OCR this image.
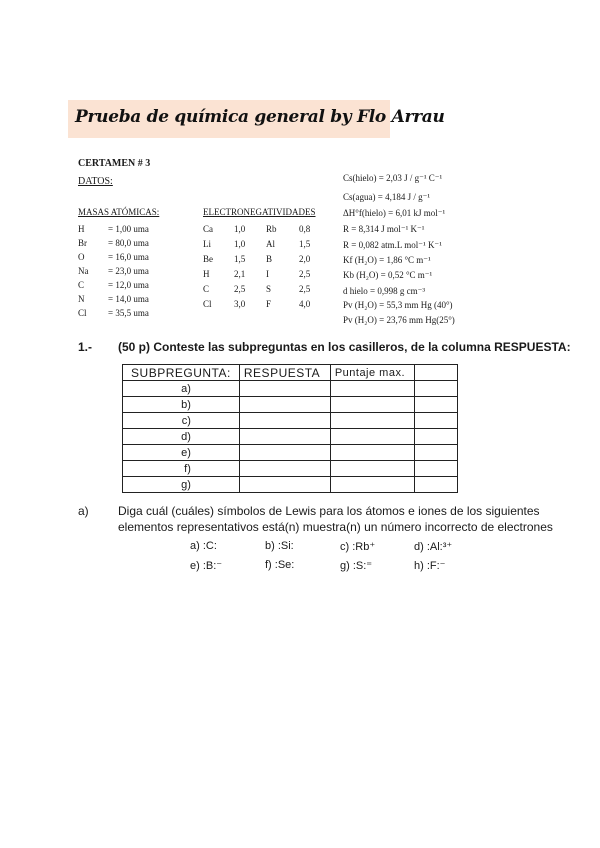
Prueba de química general by Flo Arrau
CERTAMEN # 3
DATOS:
MASAS ATÓMICAS:
H	= 1,00 uma
Br = 80,0 uma
O	= 16,0 uma
Na = 23,0 uma
C	= 12,0 uma
N	= 14,0 uma
Cl = 35,5 uma
ELECTRONEGATIVIDADES
Ca 1,0 Rb 0,8
Li	1,0 Al	1,5
Be 1,5 B	2,0
H	2,1 I	2,5
C	2,5 S	2,5
Cl 3,0 F	4,0
Cs(hielo) = 2,03 J / g⁻¹ C⁻¹
Cs(agua) = 4,184 J / g⁻¹
ΔH°f(hielo) = 6,01 kJ mol⁻¹
R = 8,314 J mol⁻¹ K⁻¹
R = 0,082 atm.L mol⁻¹ K⁻¹
Kf (H₂O) = 1,86 °C m⁻¹
Kb (H₂O) = 0,52 °C m⁻¹
d hielo = 0,998 g cm⁻³
Pv (H₂O) = 55,3 mm Hg (40°)
Pv (H₂O) = 23,76 mm Hg(25°)
1.- (50 p) Conteste las subpreguntas en los casilleros, de la columna RESPUESTA:
SUBPREGUNTA:	RESPUESTA	Puntaje max.	
a)			
b)			
c)			
d)			
e)			
f)			
g)			
a) Diga cuál (cuáles) símbolos de Lewis para los átomos e iones de los siguientes
elementos representativos está(n) muestra(n) un número incorrecto de electrones
a) :C:	b) :Si:	c) :Rb⁺	d) :Al:³⁺
e) :B:⁻	f) :Se:	g) :S:⁼	h) :F:⁻
